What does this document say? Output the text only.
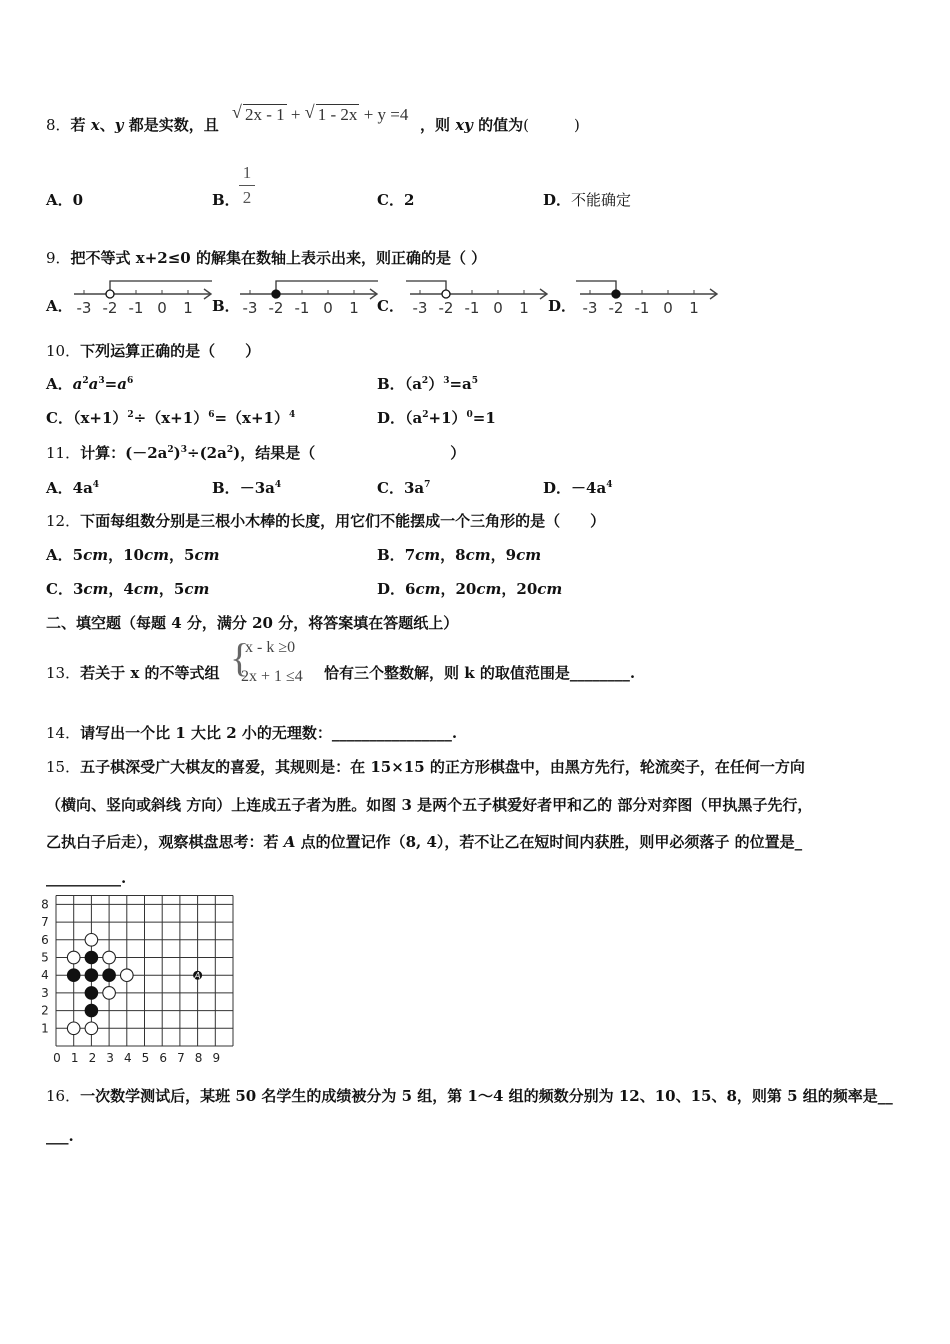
8．若 x、y 都是实数，且
√ 2x - 1 + √ 1 - 2x + y =4
，则 xy 的值为(　　　)
A．0	B．
1
2	C．2	D．不能确定
9．把不等式 x+2≤0 的解集在数轴上表示出来，则正确的是（ ）
A．	B．	C．	D．
-3 -2 -1 0 1	-3 -2 -1 0 1	-3 -2 -1 0 1	-3 -2 -1 0 1
10．下列运算正确的是（　　）
A．$a^2a^3=a^6$	B．$(a^2)^3=a^5$
C．$(x+1)^2\div(x+1)^6=(x+1)^4$	D．$(a^2+1)^0=1$
11．计算：$(-2a^2)^3\div(2a^2)$，结果是（　　　　　　　　　）
A．$4a^4$	B．$-3a^4$	C．$3a^7$	D．$-4a^4$
12．下面每组数分别是三根小木棒的长度，用它们不能摆成一个三角形的是（　　）
A．5cm，10cm，5cm	B．7cm，8cm，9cm
C．3cm，4cm，5cm	D．6cm，20cm，20cm
二、填空题（每题 4 分，满分 20 分，将答案填在答题纸上）
13．若关于 x 的不等式组 {
x - k ≥0
2x + 1 ≤4 恰有三个整数解，则 k 的取值范围是________.
14．请写出一个比 1 大比 2 小的无理数：________________.
15．五子棋深受广大棋友的喜爱，其规则是：在 15×15 的正方形棋盘中，由黑方先行，轮流奕子，在任何一方向
（横向、竖向或斜线 方向）上连成五子者为胜。如图 3 是两个五子棋爱好者甲和乙的 部分对弈图（甲执黑子先行，
乙执白子后走），观察棋盘思考：若 A 点的位置记作（8, 4），若不让乙在短时间内获胜，则甲必须落子 的位置是_
__________.
0 1 2 3 4 5 6 7 8 9
1
2
3
4
5
6
7
8
A
16．一次数学测试后，某班 50 名学生的成绩被分为 5 组，第 1～4 组的频数分别为 12、10、15、8，则第 5 组的频率是__
___.
